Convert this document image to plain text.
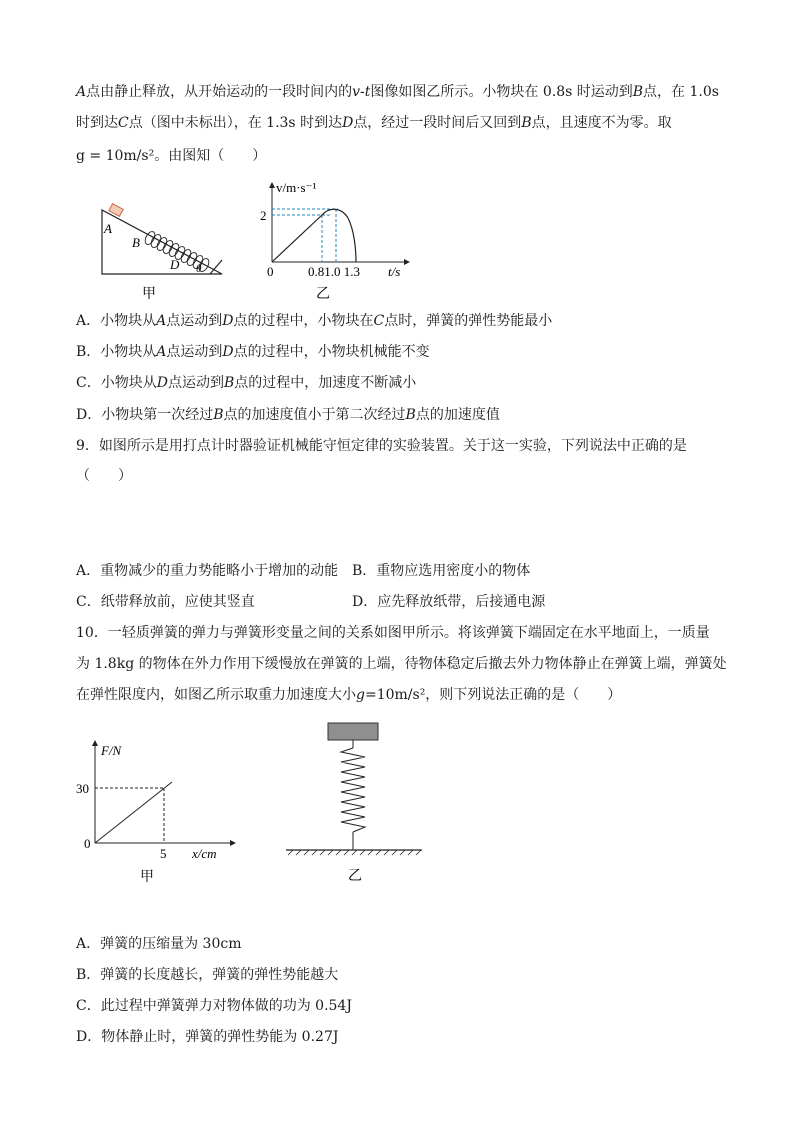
A点由静止释放，从开始运动的一段时间内的v-t图像如图乙所示。小物块在 0.8s 时运动到B点，在 1.0s
时到达C点（图中未标出），在 1.3s 时到达D点，经过一段时间后又回到B点，且速度不为零。取
g = 10m/s²。由图知（　　）
A
B
D θ
甲
v/m·s⁻¹
2
0	0.81.0 1.3 t/s
乙
A．小物块从A点运动到D点的过程中，小物块在C点时，弹簧的弹性势能最小
B．小物块从A点运动到D点的过程中，小物块机械能不变
C．小物块从D点运动到B点的过程中，加速度不断减小
D．小物块第一次经过B点的加速度值小于第二次经过B点的加速度值
9．如图所示是用打点计时器验证机械能守恒定律的实验装置。关于这一实验，下列说法中正确的是
（　　）
A．重物减少的重力势能略小于增加的动能 B．重物应选用密度小的物体
C．纸带释放前，应使其竖直	D．应先释放纸带，后接通电源
10．一轻质弹簧的弹力与弹簧形变量之间的关系如图甲所示。将该弹簧下端固定在水平地面上，一质量
为 1.8kg 的物体在外力作用下缓慢放在弹簧的上端，待物体稳定后撤去外力物体静止在弹簧上端，弹簧处
在弹性限度内，如图乙所示取重力加速度大小g=10m/s²，则下列说法正确的是（　　）
F/N
30
0
5 x/cm
甲	乙
A．弹簧的压缩量为 30cm
B．弹簧的长度越长，弹簧的弹性势能越大
C．此过程中弹簧弹力对物体做的功为 0.54J
D．物体静止时，弹簧的弹性势能为 0.27J
